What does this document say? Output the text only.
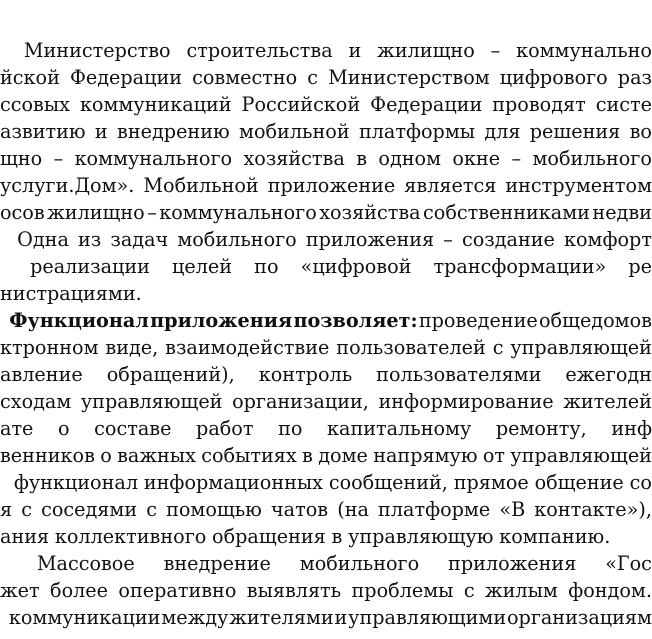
Министерство строительства и жилищно – коммунально
йской Федерации совместно с Министерством цифрового раз
ссовых коммуникаций Российской Федерации проводят систе
азвитию и внедрению мобильной платформы для решения во
щно – коммунального хозяйства в одном окне – мобильного
услуги.Дом». Мобильной приложение является инструментом
осов жилищно – коммунального хозяйства собственниками недви
Одна из задач мобильного приложения – создание комфорт
реализации целей по «цифровой трансформации» ре
нистрациями.
Функционал приложения позволяет: проведение общедомов
ктронном виде, взаимодействие пользователей с управляющей
авление обращений), контроль пользователями ежегодн
сходам управляющей организации, информирование жителей
ате о составе работ по капитальному ремонту, инф
венников о важных событиях в доме напрямую от управляющей
функционал информационных сообщений, прямое общение со
я с соседями с помощью чатов (на платформе «В контакте»),
ания коллективного обращения в управляющую компанию.
Массовое внедрение мобильного приложения «Гос
жет более оперативно выявлять проблемы с жилым фондом.
коммуникации между жителями и управляющими организациям
